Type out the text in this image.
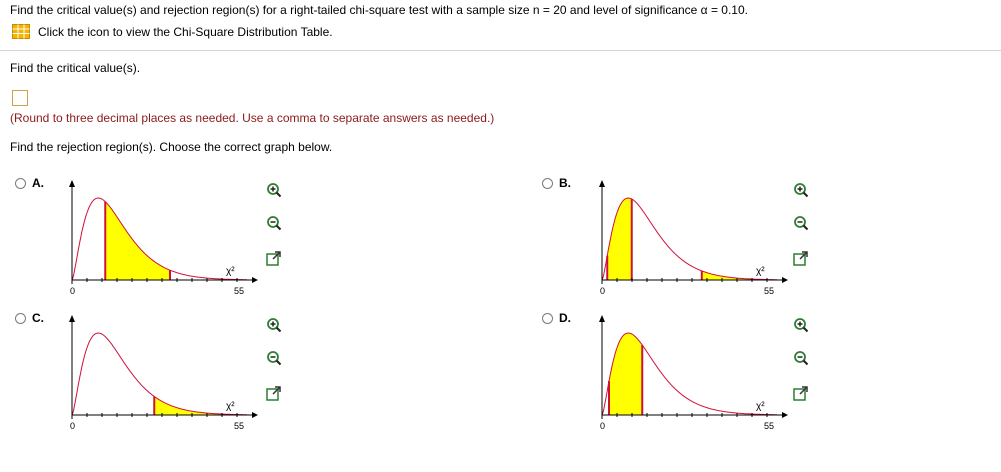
Find the critical value(s) and rejection region(s) for a right-tailed chi-square test with a sample size n = 20 and level of significance α = 0.10.
Click the icon to view the Chi-Square Distribution Table.
Find the critical value(s).
(Round to three decimal places as needed. Use a comma to separate answers as needed.)
Find the rejection region(s). Choose the correct graph below.
A.
0	55
χ²
B.
0	55
χ²
C.
0	55
χ²
D.
0	55
χ²
